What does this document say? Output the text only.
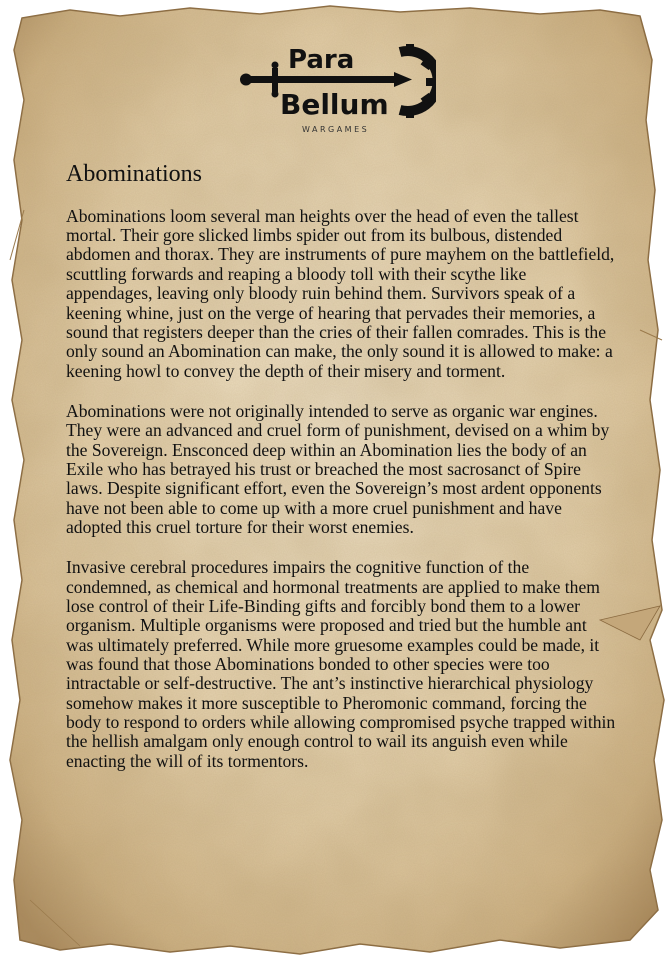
Para
Bellum
WARGAMES
Abominations

Abominations loom several man heights over the head of even the tallest mortal. Their gore slicked limbs spider out from its bulbous, distended abdomen and thorax. They are instruments of pure mayhem on the battlefield, scuttling forwards and reaping a bloody toll with their scythe like appendages, leaving only bloody ruin behind them. Survivors speak of a keening whine, just on the verge of hearing that pervades their memories, a sound that registers deeper than the cries of their fallen comrades. This is the only sound an Abomination can make, the only sound it is allowed to make: a keening howl to convey the depth of their misery and torment.

Abominations were not originally intended to serve as organic war engines. They were an advanced and cruel form of punishment, devised on a whim by the Sovereign. Ensconced deep within an Abomination lies the body of an Exile who has betrayed his trust or breached the most sacrosanct of Spire laws. Despite significant effort, even the Sovereign’s most ardent opponents have not been able to come up with a more cruel punishment and have adopted this cruel torture for their worst enemies.

Invasive cerebral procedures impairs the cognitive function of the condemned, as chemical and hormonal treatments are applied to make them lose control of their Life-Binding gifts and forcibly bond them to a lower organism. Multiple organisms were proposed and tried but the humble ant was ultimately preferred. While more gruesome examples could be made, it was found that those Abominations bonded to other species were too intractable or self-destructive. The ant’s instinctive hierarchical physiology somehow makes it more susceptible to Pheromonic command, forcing the body to respond to orders while allowing compromised psyche trapped within the hellish amalgam only enough control to wail its anguish even while enacting the will of its tormentors.
